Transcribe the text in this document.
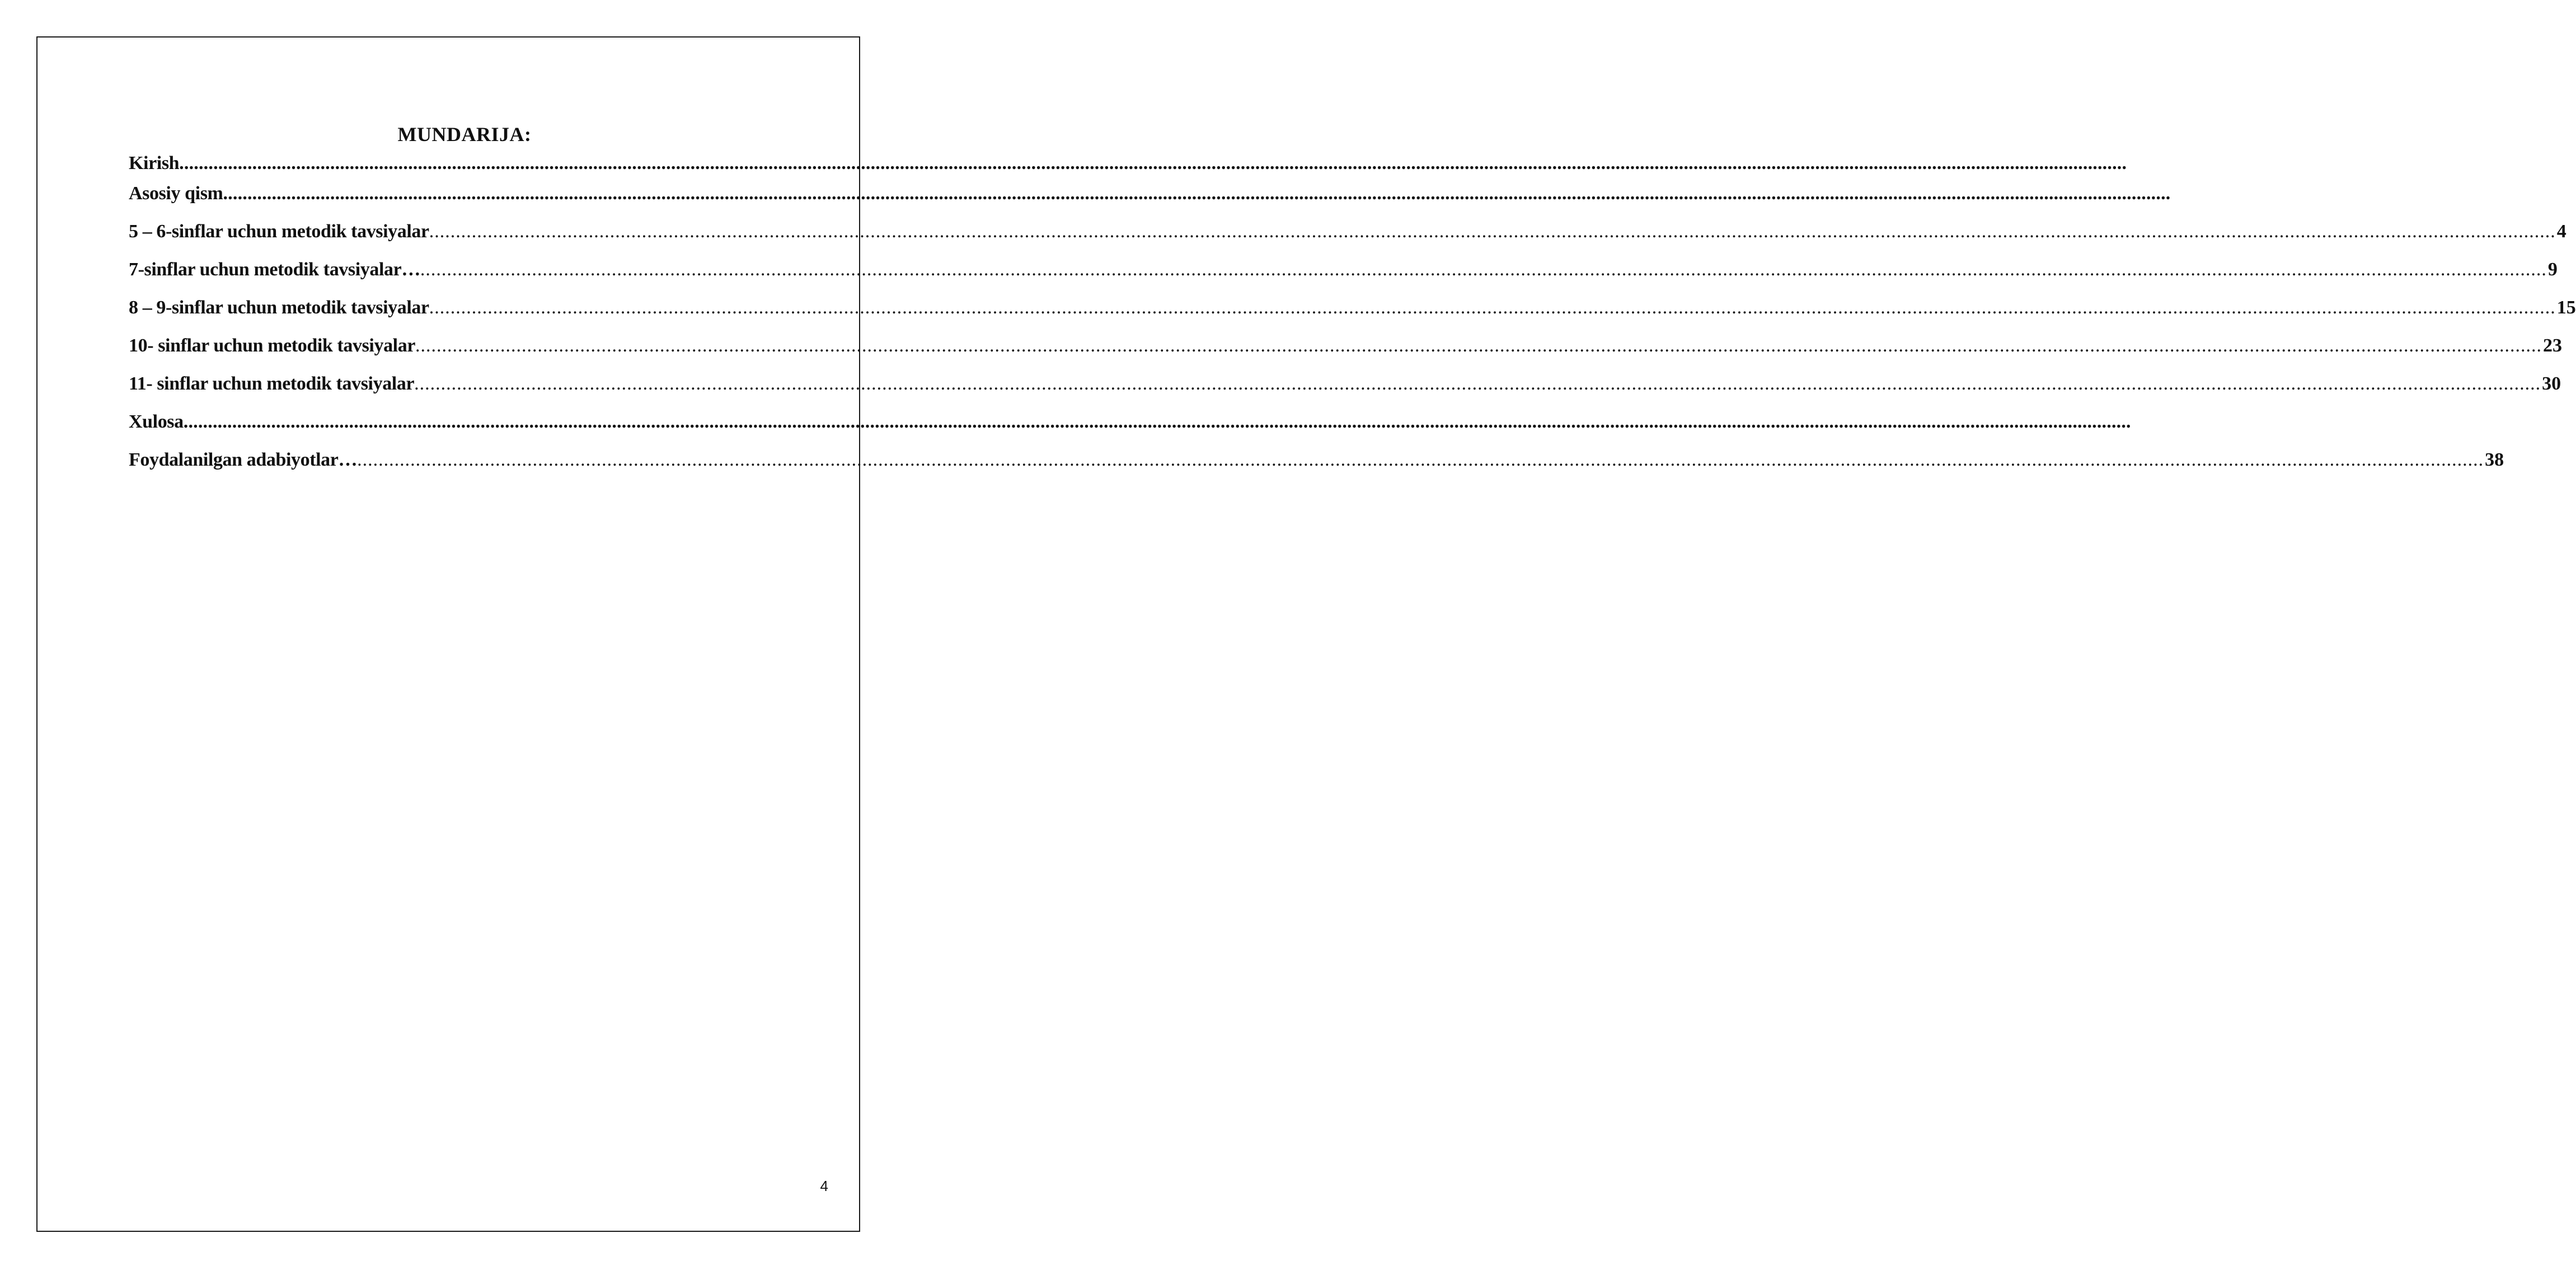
MUNDARIJA:
Kirish ................................................................................................................................................................................................................................................................................................................................................................................................................
Asosiy qism ................................................................................................................................................................................................................................................................................................................................................................................................................
5 – 6-sinflar uchun metodik tavsiyalar ................................................................................................................................................................................................................................................................................................................................................................................................................ 4
7-sinflar uchun metodik tavsiyalar… ................................................................................................................................................................................................................................................................................................................................................................................................................ 9
8 – 9-sinflar uchun metodik tavsiyalar ................................................................................................................................................................................................................................................................................................................................................................................................................ 15
10- sinflar uchun metodik tavsiyalar ................................................................................................................................................................................................................................................................................................................................................................................................................ 23
11- sinflar uchun metodik tavsiyalar ................................................................................................................................................................................................................................................................................................................................................................................................................ 30
Xulosa ................................................................................................................................................................................................................................................................................................................................................................................................................
Foydalanilgan adabiyotlar… ................................................................................................................................................................................................................................................................................................................................................................................................................ 38
4
